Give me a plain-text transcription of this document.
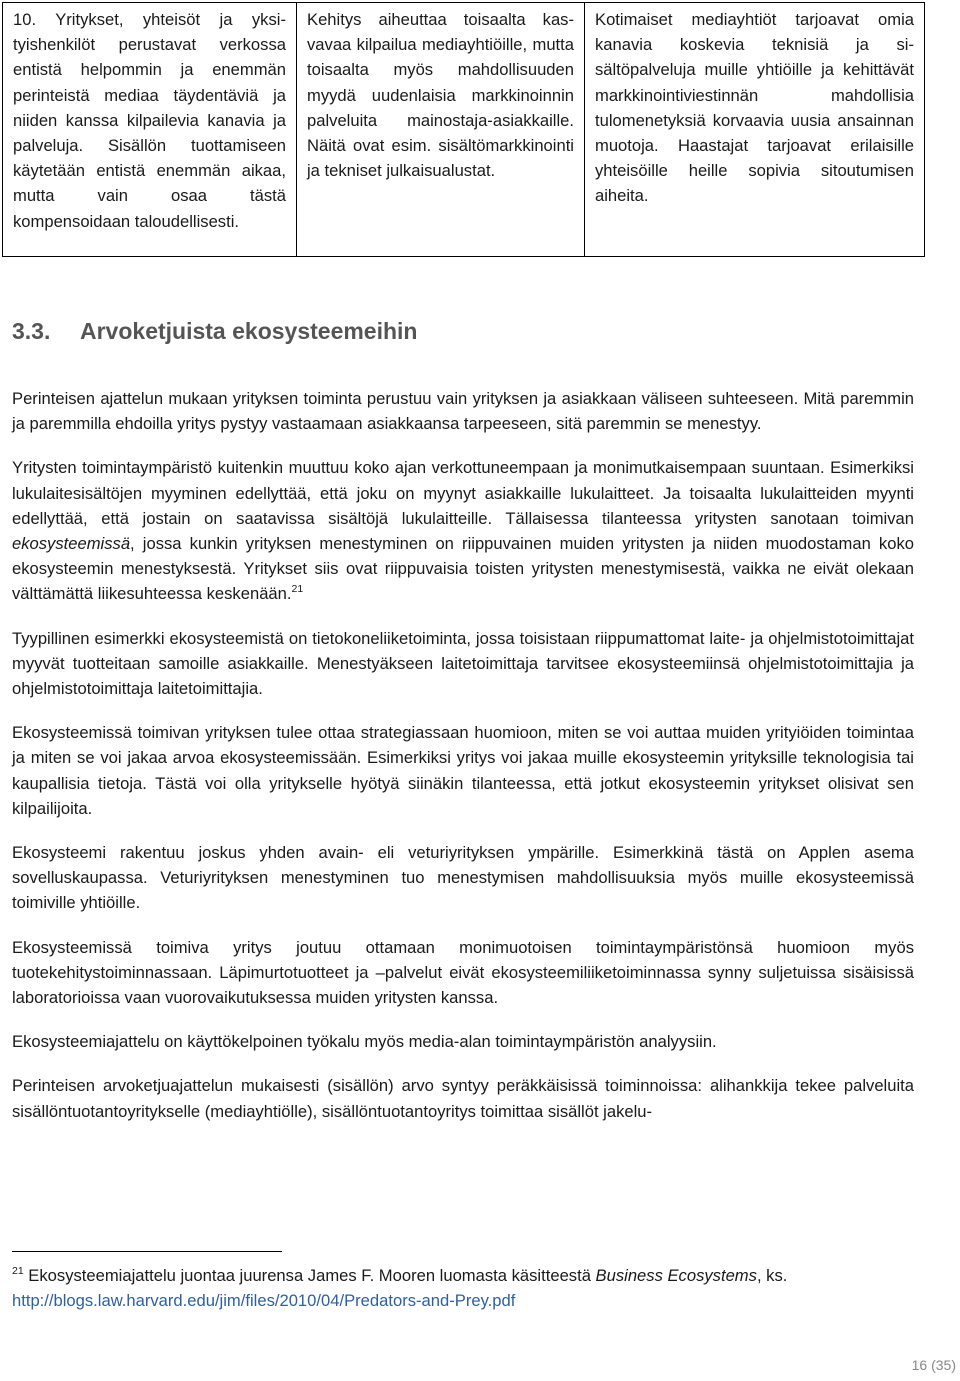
10. Yritykset, yhteisöt ja yksityishenkilöt perustavat verkossa entistä helpommin ja enemmän perinteistä mediaa täydentäviä ja niiden kanssa kilpailevia kanavia ja palveluja. Sisällön tuottamiseen käytetään entistä enemmän aikaa, mutta vain osaa tästä kompensoidaan taloudellisesti.
Kehitys aiheuttaa toisaalta kasvavaa kilpailua mediayhtiöille, mutta toisaalta myös mahdollisuuden myydä uudenlaisia markkinoinnin palveluita mainostaja-asiakkaille. Näitä ovat esim. sisältömarkkinointi ja tekniset julkaisualustat.
Kotimaiset mediayhtiöt tarjoavat omia kanavia koskevia teknisiä ja sisältöpalveluja muille yhtiöille ja kehittävät markkinointiviestinnän mahdollisia tulomenetyksiä korvaavia uusia ansainnan muotoja. Haastajat tarjoavat erilaisille yhteisöille heille sopivia sitoutumisen aiheita.
3.3. Arvoketjuista ekosysteemeihin

Perinteisen ajattelun mukaan yrityksen toiminta perustuu vain yrityksen ja asiakkaan väliseen suhteeseen. Mitä paremmin ja paremmilla ehdoilla yritys pystyy vastaamaan asiakkaansa tarpeeseen, sitä paremmin se menestyy.

Yritysten toimintaympäristö kuitenkin muuttuu koko ajan verkottuneempaan ja monimutkaisempaan suuntaan. Esimerkiksi lukulaitesisältöjen myyminen edellyttää, että joku on myynyt asiakkaille lukulaitteet. Ja toisaalta lukulaitteiden myynti edellyttää, että jostain on saatavissa sisältöjä lukulaitteille. Tällaisessa tilanteessa yritysten sanotaan toimivan ekosysteemissä, jossa kunkin yrityksen menestyminen on riippuvainen muiden yritysten ja niiden muodostaman koko ekosysteemin menestyksestä. Yritykset siis ovat riippuvaisia toisten yritysten menestymisestä, vaikka ne eivät olekaan välttämättä liikesuhteessa keskenään.$^{21}$

Tyypillinen esimerkki ekosysteemistä on tietokoneliiketoiminta, jossa toisistaan riippumattomat laite- ja ohjelmistotoimittajat myyvät tuotteitaan samoille asiakkaille. Menestyäkseen laitetoimittaja tarvitsee ekosysteemiinsä ohjelmistotoimittajia ja ohjelmistotoimittaja laitetoimittajia.

Ekosysteemissä toimivan yrityksen tulee ottaa strategiassaan huomioon, miten se voi auttaa muiden yrityiöiden toimintaa ja miten se voi jakaa arvoa ekosysteemissään. Esimerkiksi yritys voi jakaa muille ekosysteemin yrityksille teknologisia tai kaupallisia tietoja. Tästä voi olla yritykselle hyötyä siinäkin tilanteessa, että jotkut ekosysteemin yritykset olisivat sen kilpailijoita.

Ekosysteemi rakentuu joskus yhden avain- eli veturiyrityksen ympärille. Esimerkkinä tästä on Applen asema sovelluskaupassa. Veturiyrityksen menestyminen tuo menestymisen mahdollisuuksia myös muille ekosysteemissä toimiville yhtiöille.

Ekosysteemissä toimiva yritys joutuu ottamaan monimuotoisen toimintaympäristönsä huomioon myös tuotekehitystoiminnassaan. Läpimurtotuotteet ja –palvelut eivät ekosysteemiliiketoiminnassa synny suljetuissa sisäisissä laboratorioissa vaan vuorovaikutuksessa muiden yritysten kanssa.

Ekosysteemiajattelu on käyttökelpoinen työkalu myös media-alan toimintaympäristön analyysiin.

Perinteisen arvoketjuajattelun mukaisesti (sisällön) arvo syntyy peräkkäisissä toiminnoissa: alihankkija tekee palveluita sisällöntuotantoyritykselle (mediayhtiölle), sisällöntuotantoyritys toimittaa sisällöt jakelu-

$^{21}$ Ekosysteemiajattelu juontaa juurensa James F. Mooren luomasta käsitteestä Business Ecosystems, ks.
http://blogs.law.harvard.edu/jim/files/2010/04/Predators-and-Prey.pdf
16 (35)
